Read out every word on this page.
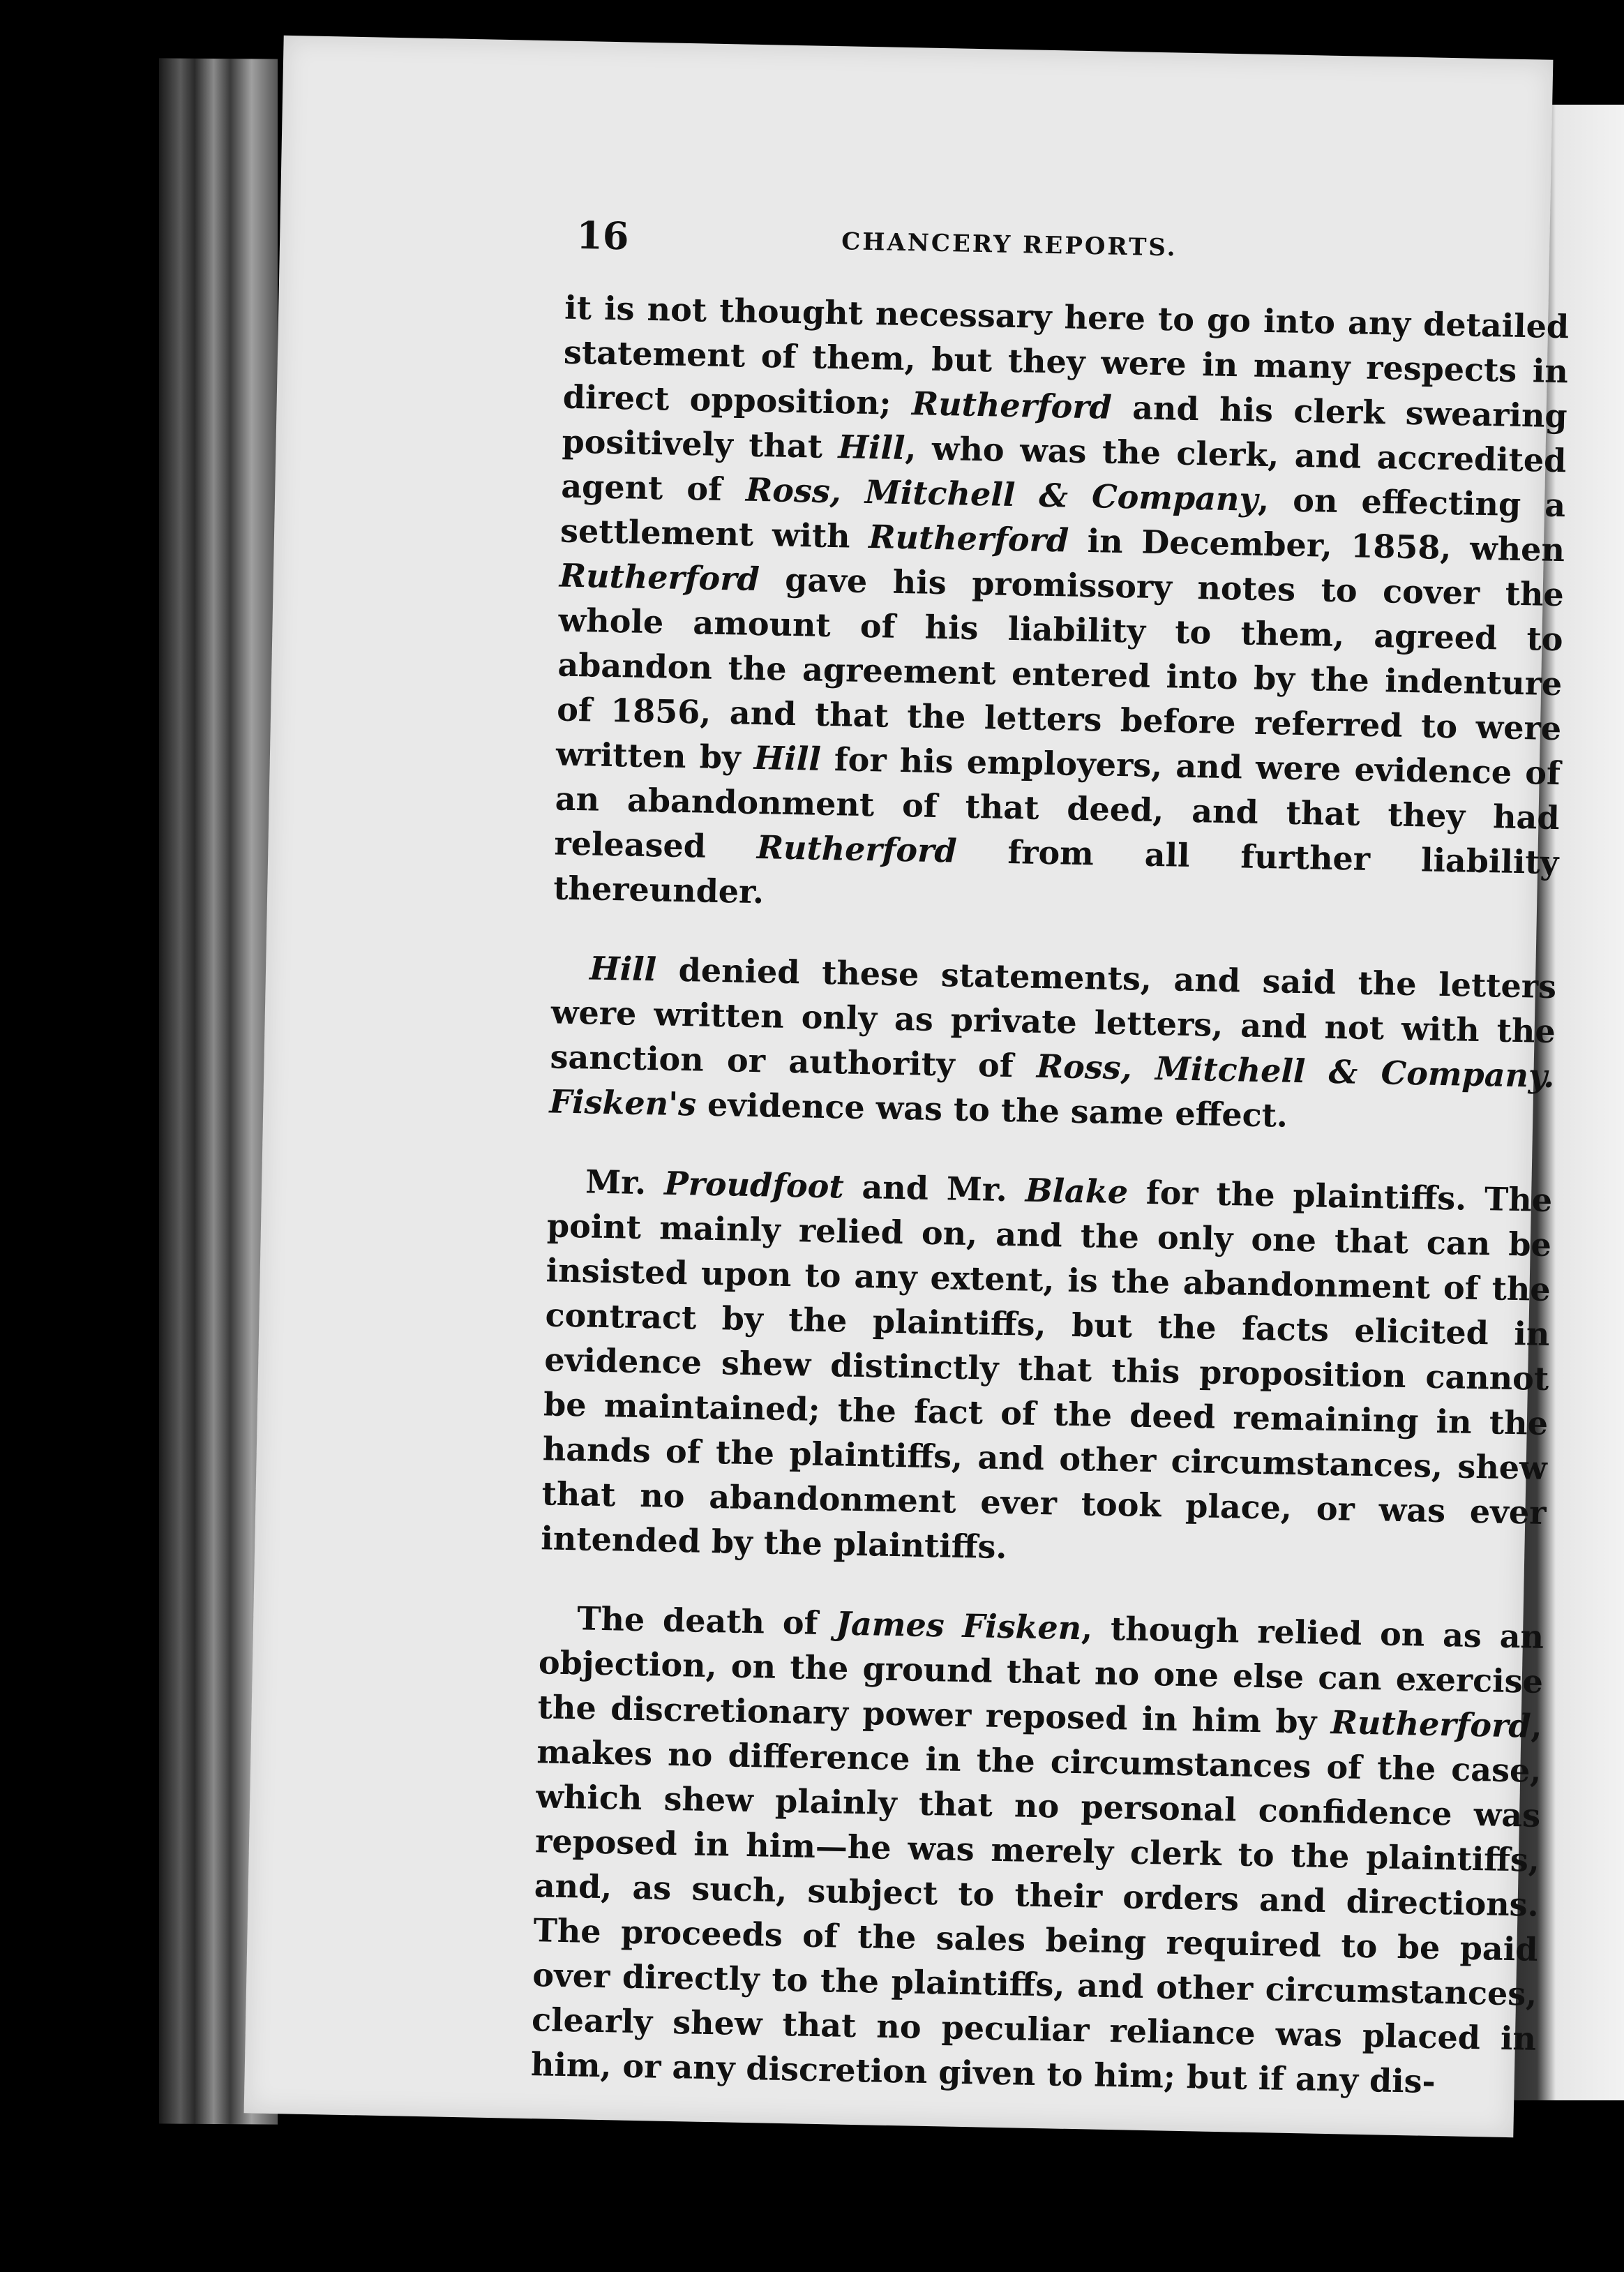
16	CHANCERY REPORTS.

it is not thought necessary here to go into any detailed statement of them, but they were in many respects in direct opposition; Rutherford and his clerk swearing positively that Hill, who was the clerk, and accredited agent of Ross, Mitchell & Company, on effecting a settlement with Rutherford in December, 1858, when Rutherford gave his promissory notes to cover the whole amount of his liability to them, agreed to abandon the agreement entered into by the indenture of 1856, and that the letters before referred to were written by Hill for his employers, and were evidence of an abandonment of that deed, and that they had released Rutherford from all further liability thereunder.

Hill denied these statements, and said the letters were written only as private letters, and not with the sanction or authority of Ross, Mitchell & Company. Fisken's evidence was to the same effect.

Mr. Proudfoot and Mr. Blake for the plaintiffs. The point mainly relied on, and the only one that can be insisted upon to any extent, is the abandonment of the contract by the plaintiffs, but the facts elicited in evidence shew distinctly that this proposition cannot be maintained; the fact of the deed remaining in the hands of the plaintiffs, and other circumstances, shew that no abandonment ever took place, or was ever intended by the plaintiffs.

The death of James Fisken, though relied on as an objection, on the ground that no one else can exercise the discretionary power reposed in him by Rutherford, makes no difference in the circumstances of the case, which shew plainly that no personal confidence was reposed in him—he was merely clerk to the plaintiffs, and, as such, subject to their orders and directions. The proceeds of the sales being required to be paid over directly to the plaintiffs, and other circumstances, clearly shew that no peculiar reliance was placed in him, or any discretion given to him; but if any dis-
